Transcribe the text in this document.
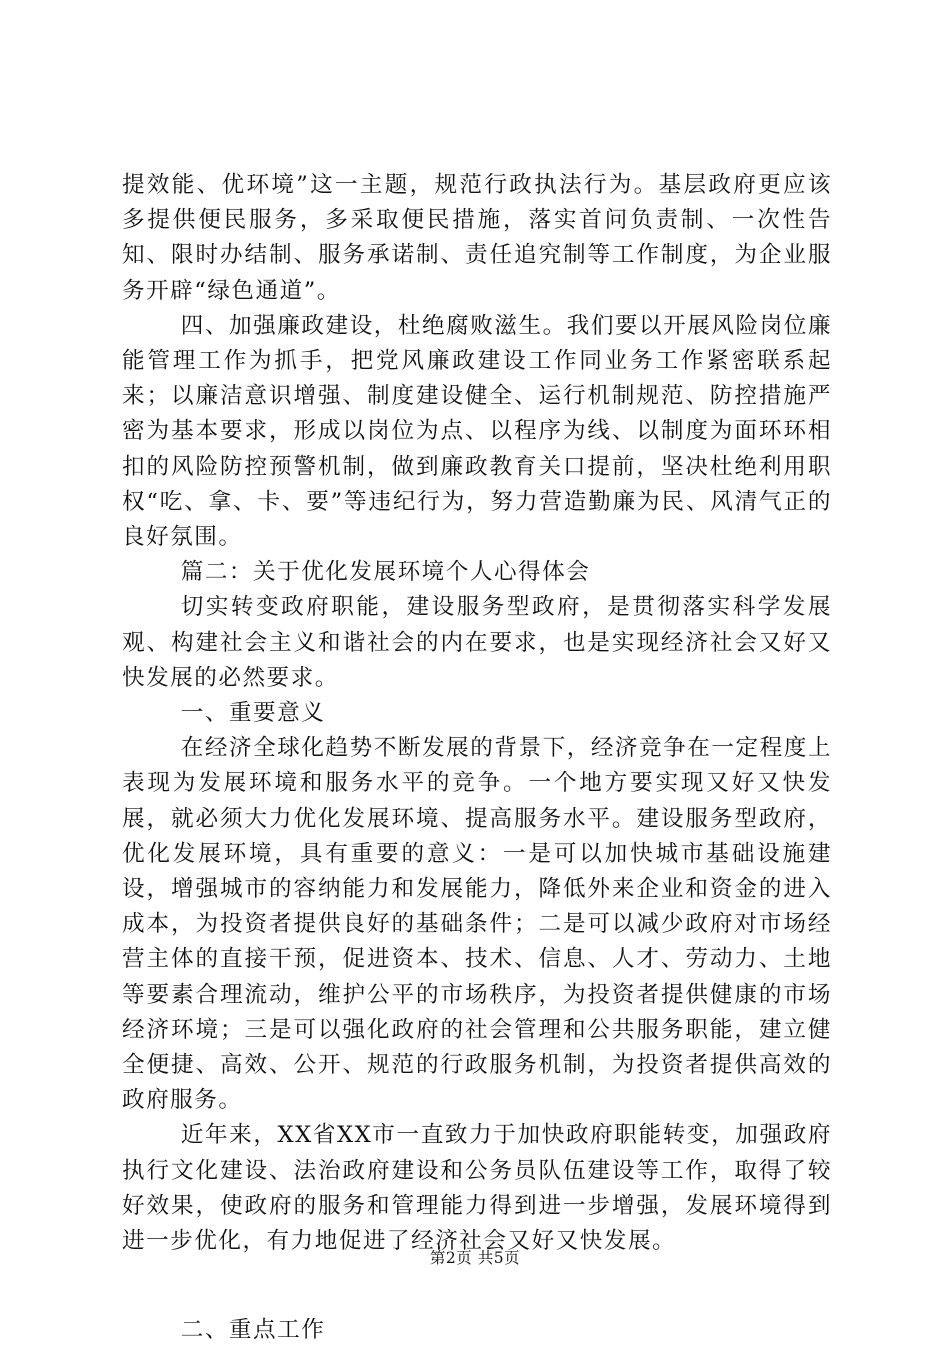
提效能、优环境”这一主题，规范行政执法行为。基层政府更应该多提供便民服务，多采取便民措施，落实首问负责制、一次性告知、限时办结制、服务承诺制、责任追究制等工作制度，为企业服务开辟“绿色通道”。

四、加强廉政建设，杜绝腐败滋生。我们要以开展风险岗位廉能管理工作为抓手，把党风廉政建设工作同业务工作紧密联系起来；以廉洁意识增强、制度建设健全、运行机制规范、防控措施严密为基本要求，形成以岗位为点、以程序为线、以制度为面环环相扣的风险防控预警机制，做到廉政教育关口提前，坚决杜绝利用职权“吃、拿、卡、要”等违纪行为，努力营造勤廉为民、风清气正的良好氛围。

篇二：关于优化发展环境个人心得体会

切实转变政府职能，建设服务型政府，是贯彻落实科学发展观、构建社会主义和谐社会的内在要求，也是实现经济社会又好又快发展的必然要求。

一、重要意义

在经济全球化趋势不断发展的背景下，经济竞争在一定程度上表现为发展环境和服务水平的竞争。一个地方要实现又好又快发展，就必须大力优化发展环境、提高服务水平。建设服务型政府，优化发展环境，具有重要的意义：一是可以加快城市基础设施建设，增强城市的容纳能力和发展能力，降低外来企业和资金的进入成本，为投资者提供良好的基础条件；二是可以减少政府对市场经营主体的直接干预，促进资本、技术、信息、人才、劳动力、土地等要素合理流动，维护公平的市场秩序，为投资者提供健康的市场经济环境；三是可以强化政府的社会管理和公共服务职能，建立健全便捷、高效、公开、规范的行政服务机制，为投资者提供高效的政府服务。

近年来，XX省XX市一直致力于加快政府职能转变，加强政府执行文化建设、法治政府建设和公务员队伍建设等工作，取得了较好效果，使政府的服务和管理能力得到进一步增强，发展环境得到进一步优化，有力地促进了经济社会又好又快发展。

二、重点工作

第2页 共5页
